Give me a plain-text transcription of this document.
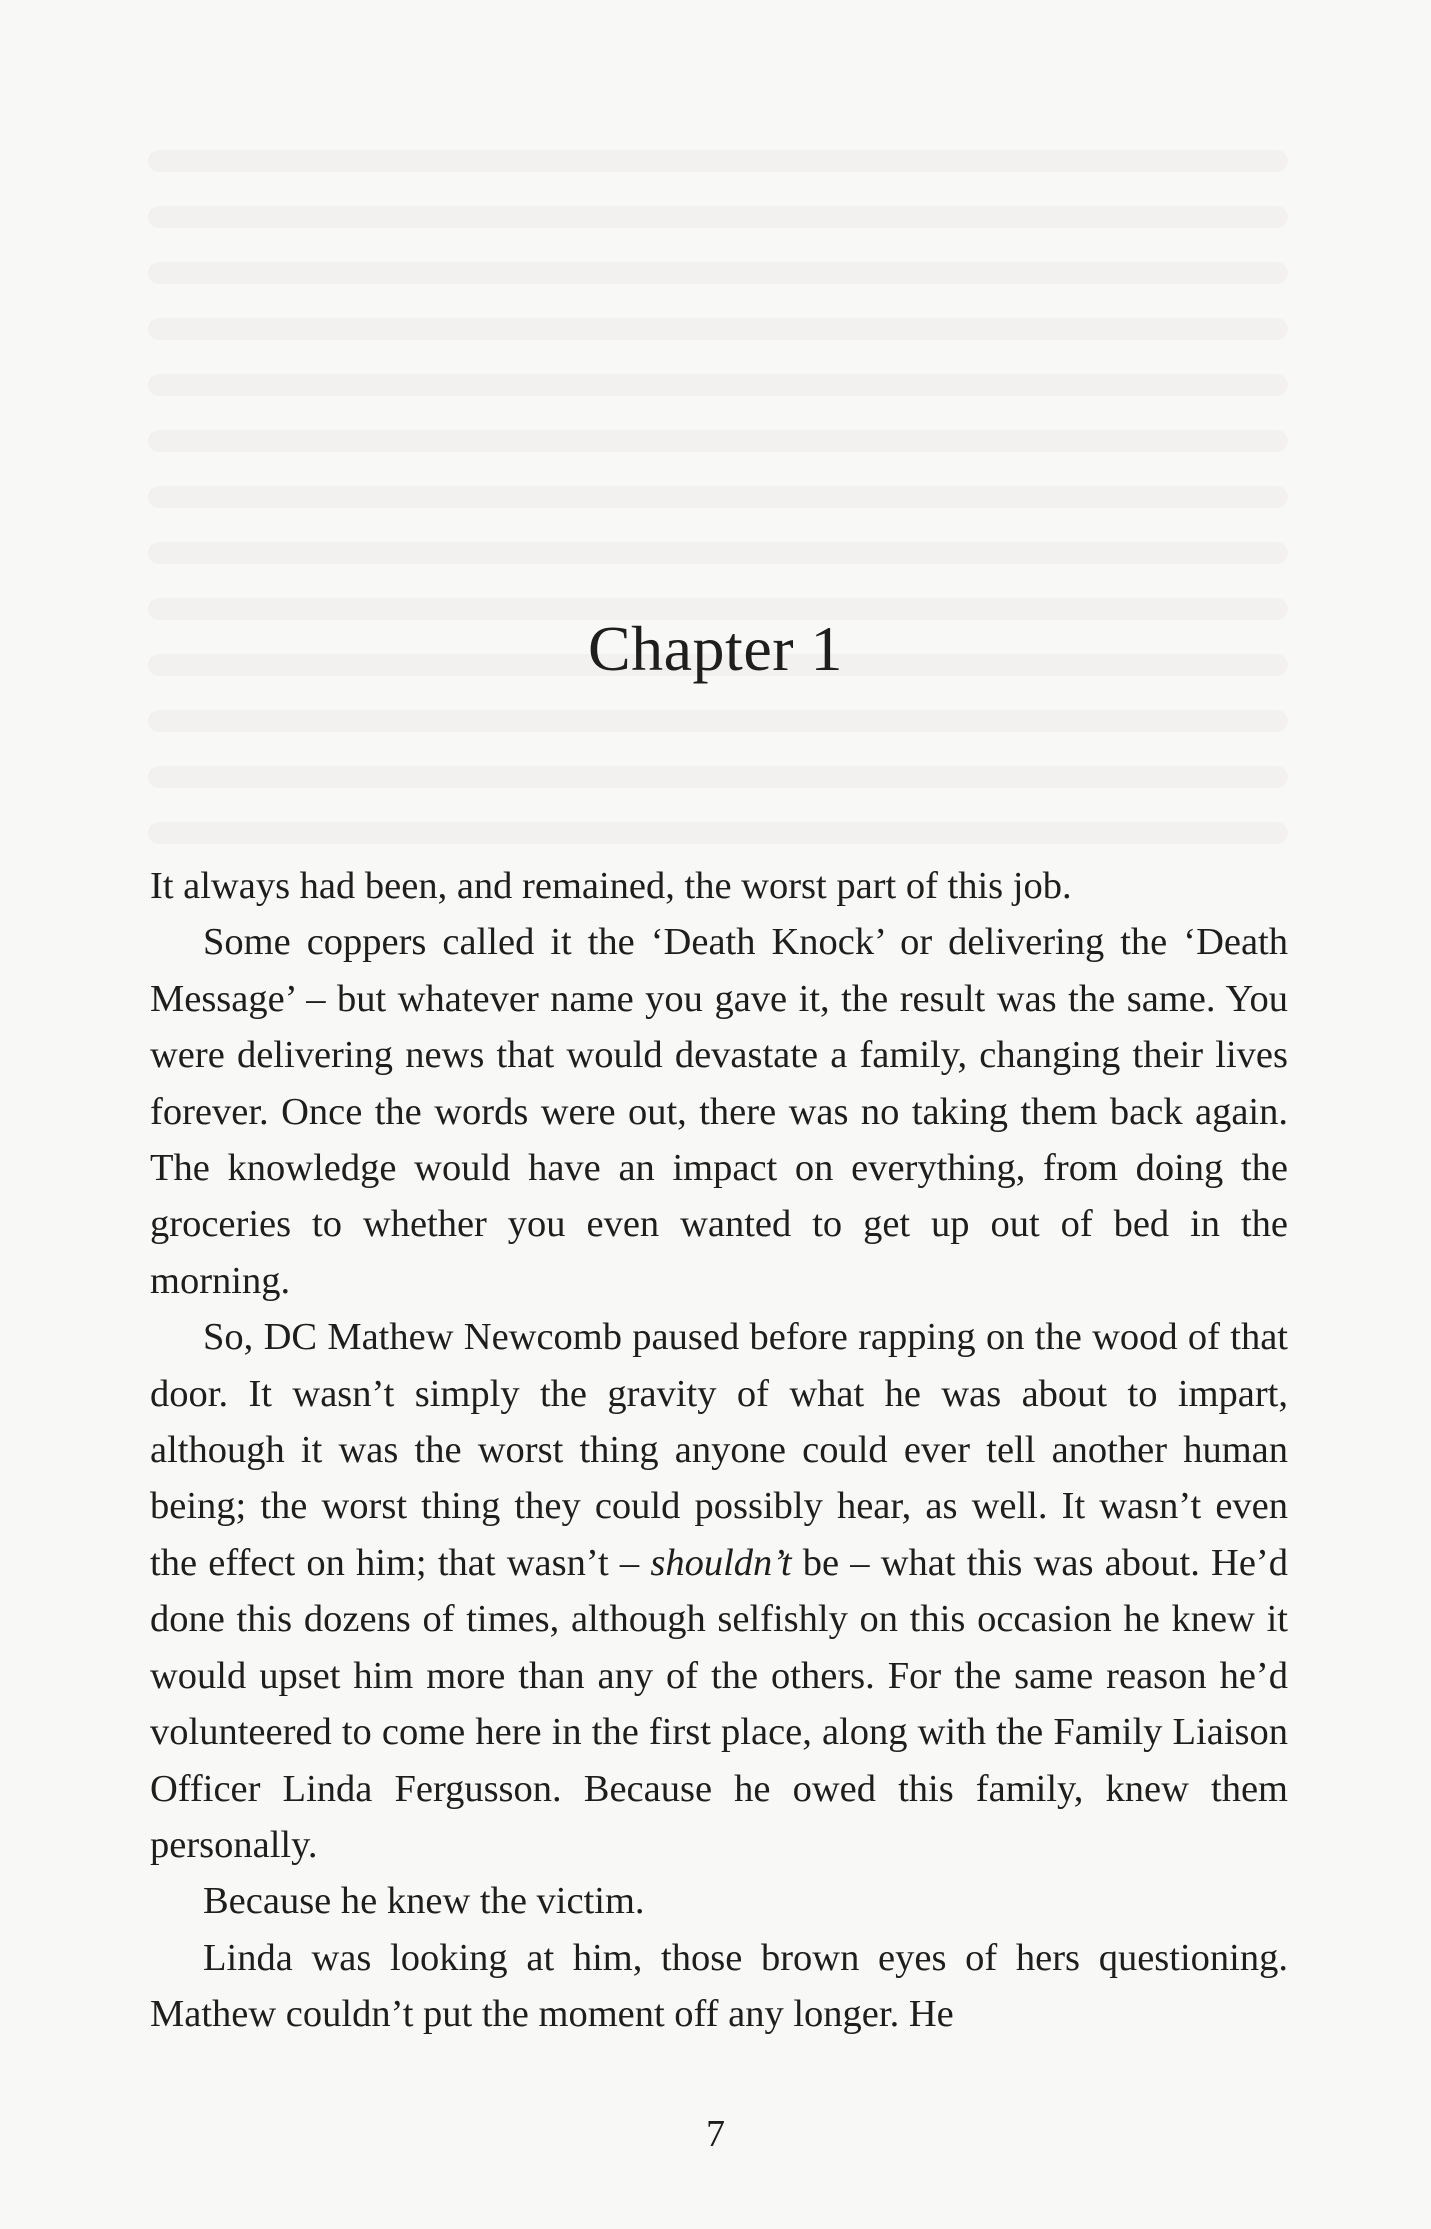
Chapter 1

It always had been, and remained, the worst part of this job.

Some coppers called it the ‘Death Knock’ or delivering the ‘Death Message’ – but whatever name you gave it, the result was the same. You were delivering news that would devastate a family, changing their lives forever. Once the words were out, there was no taking them back again. The knowledge would have an impact on everything, from doing the groceries to whether you even wanted to get up out of bed in the morning.

So, DC Mathew Newcomb paused before rapping on the wood of that door. It wasn’t simply the gravity of what he was about to impart, although it was the worst thing anyone could ever tell another human being; the worst thing they could possibly hear, as well. It wasn’t even the effect on him; that wasn’t – shouldn’t be – what this was about. He’d done this dozens of times, although selfishly on this occasion he knew it would upset him more than any of the others. For the same reason he’d volunteered to come here in the first place, along with the Family Liaison Officer Linda Fergusson. Because he owed this family, knew them personally.

Because he knew the victim.

Linda was looking at him, those brown eyes of hers questioning. Mathew couldn’t put the moment off any longer. He

7
